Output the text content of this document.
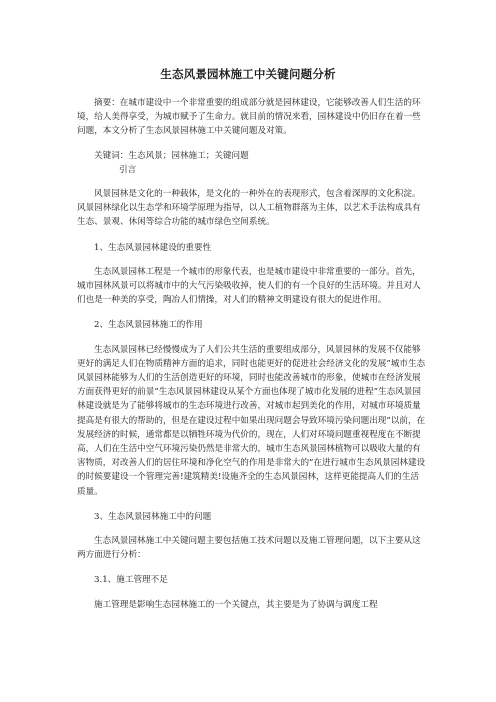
生态风景园林施工中关键问题分析

摘要：在城市建设中一个非常重要的组成部分就是园林建设，它能够改善人们生活的环境，给人美得享受，为城市赋予了生命力。就目前的情况来看，园林建设中仍旧存在着一些问题，本文分析了生态风景园林施工中关键问题及对策。

关键词：生态风景；园林施工；关键问题

引言

风景园林是文化的一种载体，是文化的一种外在的表现形式，包含着深厚的文化积淀。风景园林绿化以生态学和环境学原理为指导，以人工植物群落为主体，以艺术手法构成具有生态、景观、休闲等综合功能的城市绿色空间系统。

1、生态风景园林建设的重要性

生态风景园林工程是一个城市的形象代表，也是城市建设中非常重要的一部分。首先，城市园林风景可以将城市中的大气污染吸收掉，使人们的有一个良好的生活环境。并且对人们也是一种美的享受，陶冶人们情操，对人们的精神文明建设有很大的促进作用。

2、生态风景园林施工的作用

生态风景园林已经慢慢成为了人们公共生活的重要组成部分，风景园林的发展不仅能够更好的满足人们在物质精神方面的追求，同时也能更好的促进社会经济文化的发展”城市生态风景园林能够为人们的生活创造更好的环境，同时也能改善城市的形象，使城市在经济发展方面获得更好的前景”生态风景园林建设从某个方面也体现了城市化发展的进程”生态风景园林建设就是为了能够将城市的生态环境进行改善，对城市起到美化的作用，对城市环境质量提高是有很大的帮助的，但是在建设过程中如果出现问题会导致环境污染问题出现”以前，在发展经济的时候，通常都是以牺牲环境为代价的，现在，人们对环境问题重视程度在不断提高，人们在生活中空气环境污染仍然是非常大的，城市生态风景园林植物可以吸收大量的有害物质，对改善人们的居住环境和净化空气的作用是非常大的”在进行城市生态风景园林建设的时候要建设一个管理完善!建筑精美!设施齐全的生态风景园林，这样更能提高人们的生活质量。

3、生态风景园林施工中的问题

生态风景园林施工中关键问题主要包括施工技术问题以及施工管理问题，以下主要从这两方面进行分析：

3.1、施工管理不足

施工管理是影响生态园林施工的一个关键点，其主要是为了协调与调度工程
